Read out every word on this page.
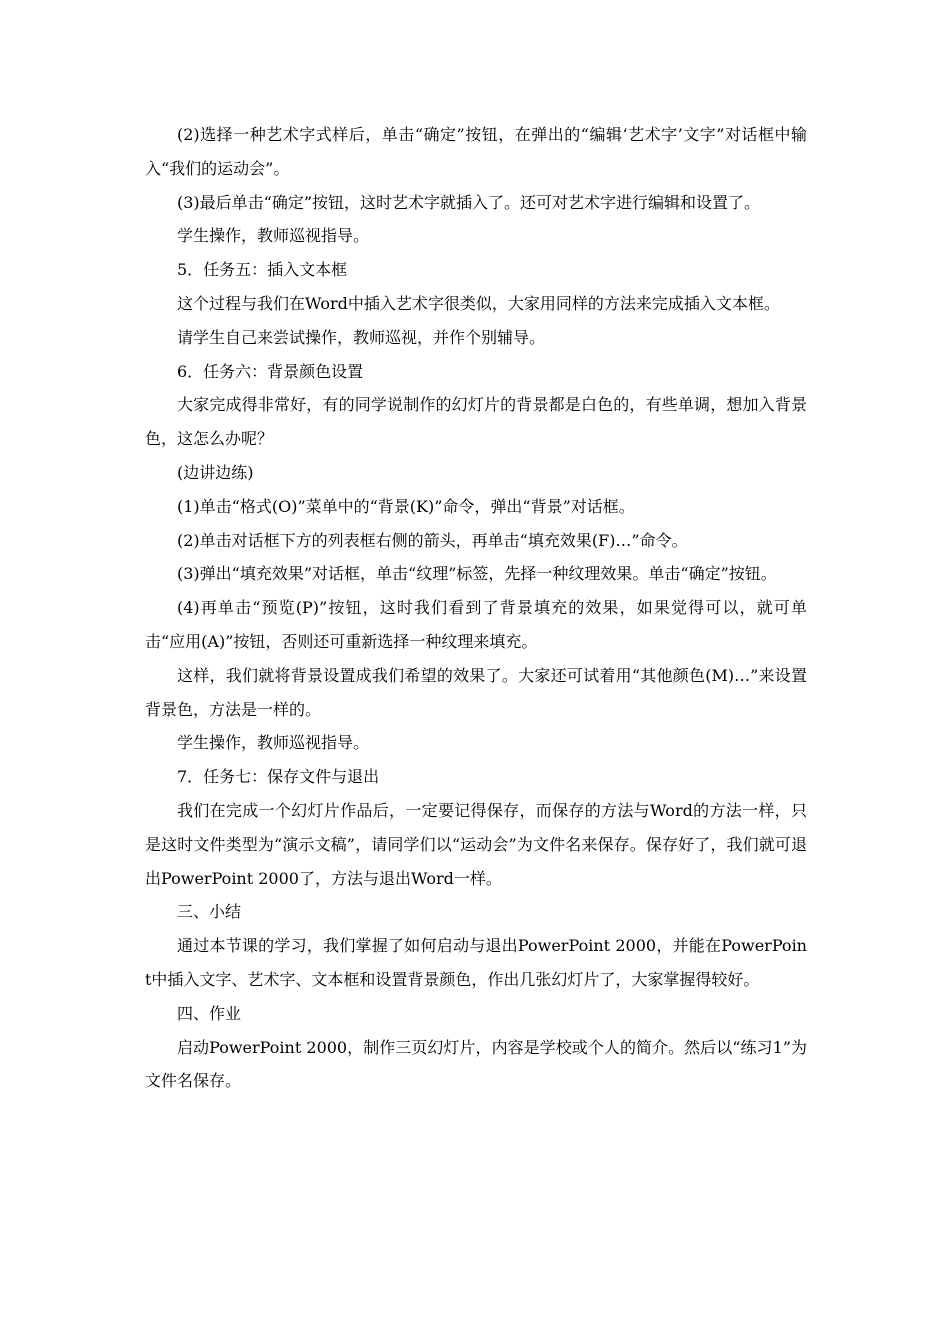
(2)选择一种艺术字式样后，单击“确定”按钮，在弹出的“编辑‘艺术字’文字”对话框中输入“我们的运动会”。

(3)最后单击“确定”按钮，这时艺术字就插入了。还可对艺术字进行编辑和设置了。

学生操作，教师巡视指导。

5．任务五：插入文本框

这个过程与我们在Word中插入艺术字很类似，大家用同样的方法来完成插入文本框。

请学生自己来尝试操作，教师巡视，并作个别辅导。

6．任务六：背景颜色设置

大家完成得非常好，有的同学说制作的幻灯片的背景都是白色的，有些单调，想加入背景色，这怎么办呢？

(边讲边练)

(1)单击“格式(O)”菜单中的“背景(K)”命令，弹出“背景”对话框。

(2)单击对话框下方的列表框右侧的箭头，再单击“填充效果(F)…”命令。

(3)弹出“填充效果”对话框，单击“纹理”标签，先择一种纹理效果。单击“确定”按钮。

(4)再单击“预览(P)”按钮，这时我们看到了背景填充的效果，如果觉得可以，就可单击“应用(A)”按钮，否则还可重新选择一种纹理来填充。

这样，我们就将背景设置成我们希望的效果了。大家还可试着用“其他颜色(M)…”来设置背景色，方法是一样的。

学生操作，教师巡视指导。

7．任务七：保存文件与退出

我们在完成一个幻灯片作品后，一定要记得保存，而保存的方法与Word的方法一样，只是这时文件类型为“演示文稿”，请同学们以“运动会”为文件名来保存。保存好了，我们就可退出PowerPoint 2000了，方法与退出Word一样。

三、小结

通过本节课的学习，我们掌握了如何启动与退出PowerPoint 2000，并能在PowerPoint中插入文字、艺术字、文本框和设置背景颜色，作出几张幻灯片了，大家掌握得较好。

四、作业

启动PowerPoint 2000，制作三页幻灯片，内容是学校或个人的简介。然后以“练习1”为文件名保存。
